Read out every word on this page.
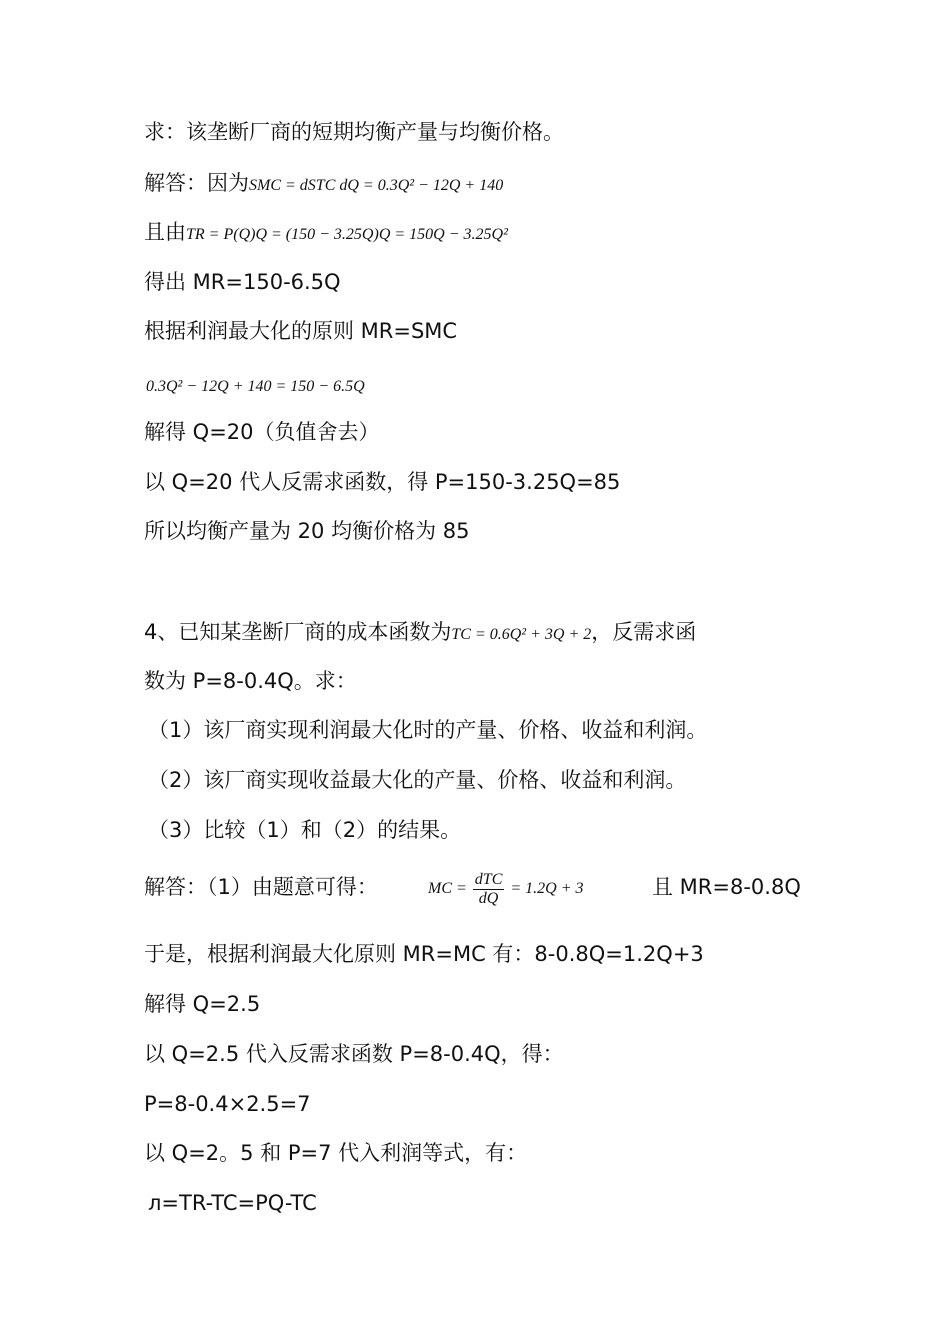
求：该垄断厂商的短期均衡产量与均衡价格。
解答：因为SMC = dSTC dQ = 0.3Q² − 12Q + 140
且由TR = P(Q)Q = (150 − 3.25Q)Q = 150Q − 3.25Q²
得出 MR=150-6.5Q
根据利润最大化的原则 MR=SMC
0.3Q² − 12Q + 140 = 150 − 6.5Q
解得 Q=20（负值舍去）
以 Q=20 代人反需求函数，得 P=150-3.25Q=85
所以均衡产量为 20 均衡价格为 85
4、已知某垄断厂商的成本函数为TC = 0.6Q² + 3Q + 2，反需求函
数为 P=8-0.4Q。求：
（1）该厂商实现利润最大化时的产量、价格、收益和利润。
（2）该厂商实现收益最大化的产量、价格、收益和利润。
（3）比较（1）和（2）的结果。
解答：（1）由题意可得：	MC = $\frac{\text{dTC}}{dQ} = 1.2Q + 3$	且 MR=8-0.8Q
于是，根据利润最大化原则 MR=MC 有：8-0.8Q=1.2Q+3
解得 Q=2.5
以 Q=2.5 代入反需求函数 P=8-0.4Q，得：
P=8-0.4×2.5=7
以 Q=2。5 和 P=7 代入利润等式，有：
л=TR-TC=PQ-TC
